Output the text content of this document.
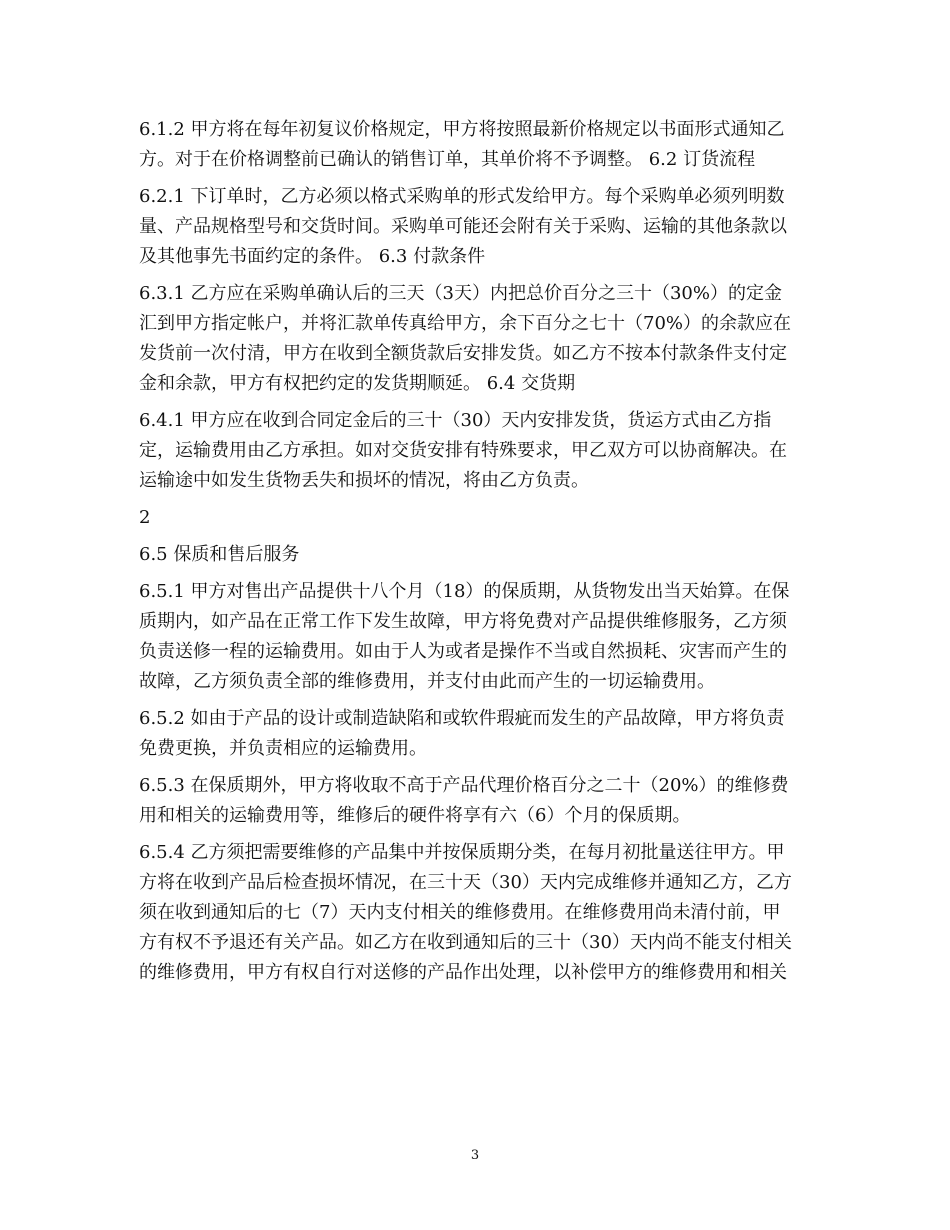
6.1.2 甲方将在每年初复议价格规定，甲方将按照最新价格规定以书面形式通知乙
方。对于在价格调整前已确认的销售订单，其单价将不予调整。 6.2 订货流程
6.2.1 下订单时，乙方必须以格式采购单的形式发给甲方。每个采购单必须列明数
量、产品规格型号和交货时间。采购单可能还会附有关于采购、运输的其他条款以
及其他事先书面约定的条件。 6.3 付款条件
6.3.1 乙方应在采购单确认后的三天（3天）内把总价百分之三十（30%）的定金
汇到甲方指定帐户，并将汇款单传真给甲方，余下百分之七十（70%）的余款应在
发货前一次付清，甲方在收到全额货款后安排发货。如乙方不按本付款条件支付定
金和余款，甲方有权把约定的发货期顺延。 6.4 交货期
6.4.1 甲方应在收到合同定金后的三十（30）天内安排发货，货运方式由乙方指
定，运输费用由乙方承担。如对交货安排有特殊要求，甲乙双方可以协商解决。在
运输途中如发生货物丢失和损坏的情况，将由乙方负责。
2
6.5 保质和售后服务
6.5.1 甲方对售出产品提供十八个月（18）的保质期，从货物发出当天始算。在保
质期内，如产品在正常工作下发生故障，甲方将免费对产品提供维修服务，乙方须
负责送修一程的运输费用。如由于人为或者是操作不当或自然损耗、灾害而产生的
故障，乙方须负责全部的维修费用，并支付由此而产生的一切运输费用。
6.5.2 如由于产品的设计或制造缺陷和或软件瑕疵而发生的产品故障，甲方将负责
免费更换，并负责相应的运输费用。
6.5.3 在保质期外，甲方将收取不高于产品代理价格百分之二十（20%）的维修费
用和相关的运输费用等，维修后的硬件将享有六（6）个月的保质期。
6.5.4 乙方须把需要维修的产品集中并按保质期分类，在每月初批量送往甲方。甲
方将在收到产品后检查损坏情况，在三十天（30）天内完成维修并通知乙方，乙方
须在收到通知后的七（7）天内支付相关的维修费用。在维修费用尚未清付前，甲
方有权不予退还有关产品。如乙方在收到通知后的三十（30）天内尚不能支付相关
的维修费用，甲方有权自行对送修的产品作出处理，以补偿甲方的维修费用和相关
3
